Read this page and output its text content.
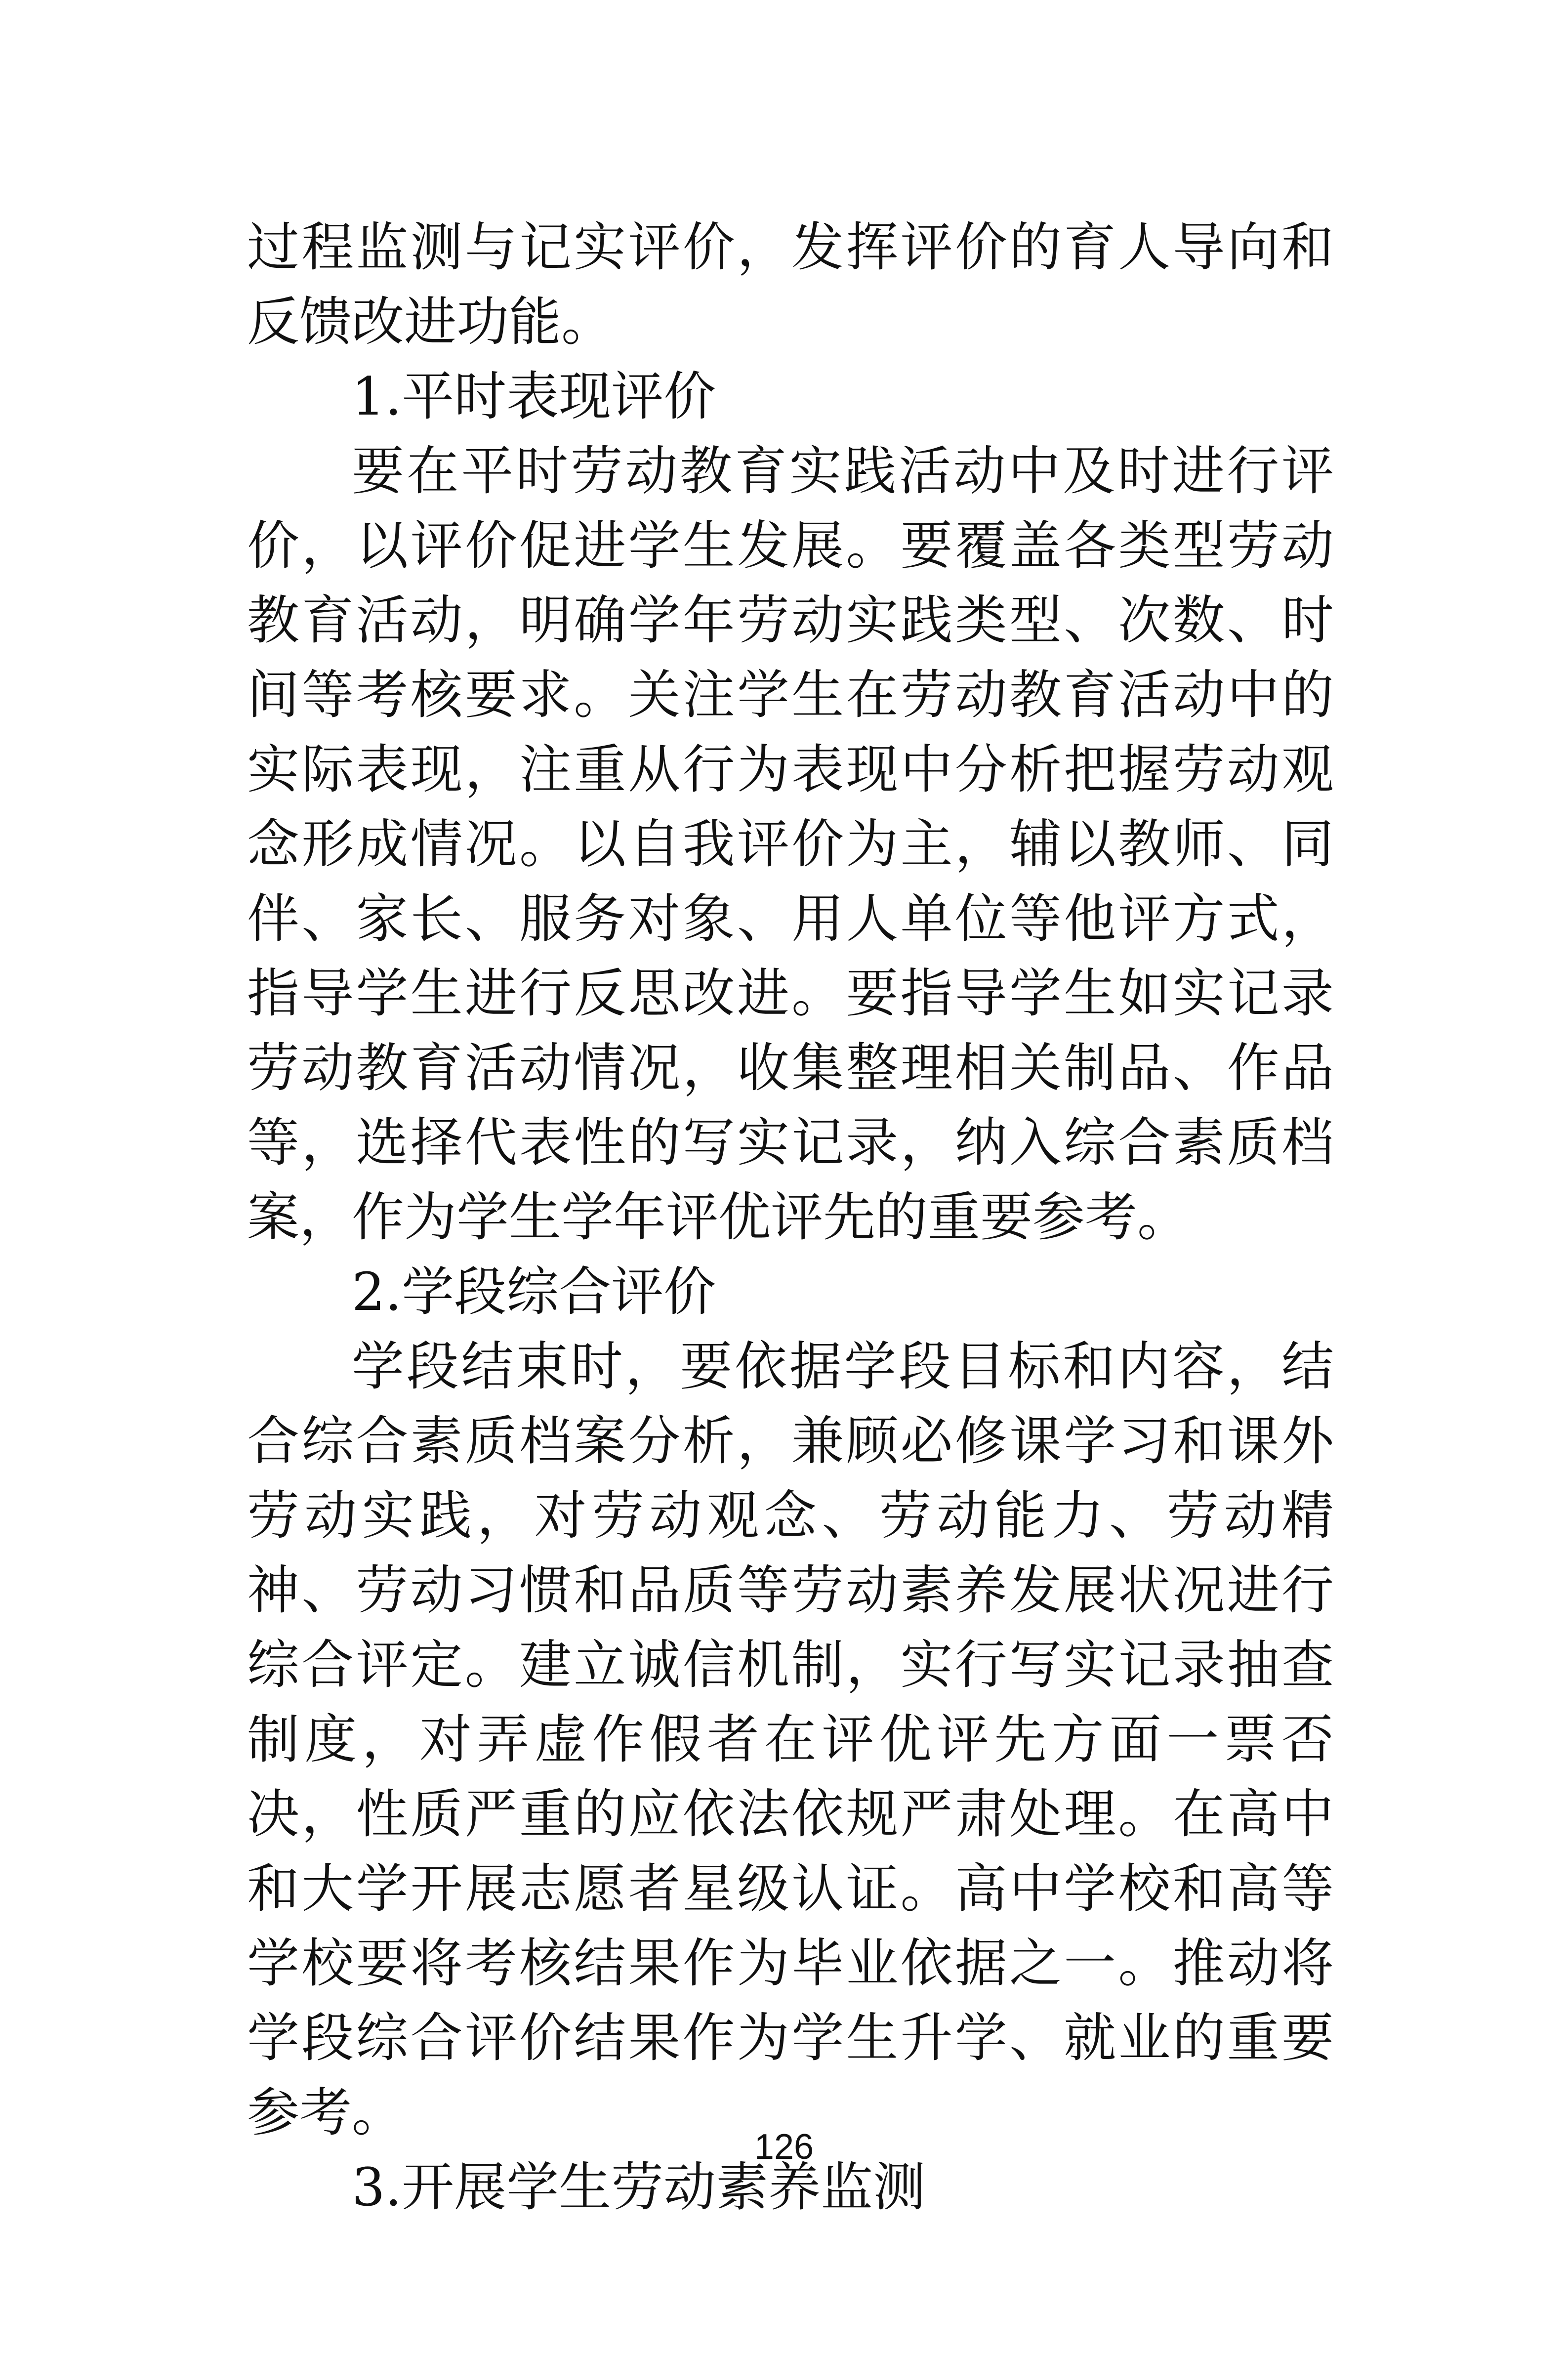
过程监测与记实评价，发挥评价的育人导向和反馈改进功能。

1.平时表现评价

要在平时劳动教育实践活动中及时进行评价，以评价促进学生发展。要覆盖各类型劳动教育活动，明确学年劳动实践类型、次数、时间等考核要求。关注学生在劳动教育活动中的实际表现，注重从行为表现中分析把握劳动观念形成情况。以自我评价为主，辅以教师、同伴、家长、服务对象、用人单位等他评方式，指导学生进行反思改进。要指导学生如实记录劳动教育活动情况，收集整理相关制品、作品等，选择代表性的写实记录，纳入综合素质档案，作为学生学年评优评先的重要参考。

2.学段综合评价

学段结束时，要依据学段目标和内容，结合综合素质档案分析，兼顾必修课学习和课外劳动实践，对劳动观念、劳动能力、劳动精神、劳动习惯和品质等劳动素养发展状况进行综合评定。建立诚信机制，实行写实记录抽查制度，对弄虚作假者在评优评先方面一票否决，性质严重的应依法依规严肃处理。在高中和大学开展志愿者星级认证。高中学校和高等学校要将考核结果作为毕业依据之一。推动将学段综合评价结果作为学生升学、就业的重要参考。

3.开展学生劳动素养监测

126
